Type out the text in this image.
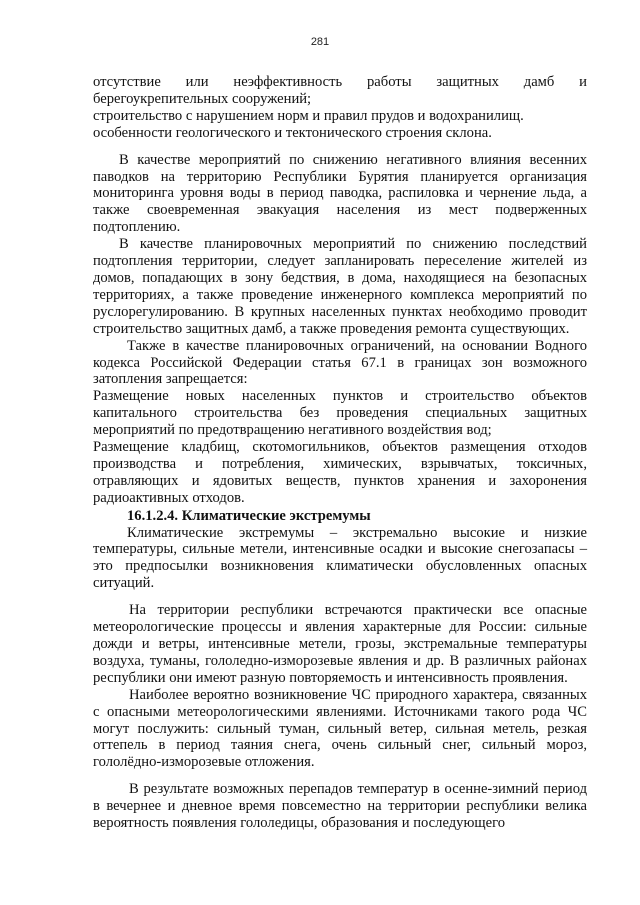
281

отсутствие или неэффективность работы защитных дамб и берегоукрепительных сооружений;

строительство с нарушением норм и правил прудов и водохранилищ.

особенности геологического и тектонического строения склона.

В качестве мероприятий по снижению негативного влияния весенних паводков на территорию Республики Бурятия планируется организация мониторинга уровня воды в период паводка, распиловка и чернение льда, а также своевременная эвакуация населения из мест подверженных подтоплению.

В качестве планировочных мероприятий по снижению последствий подтопления территории, следует запланировать переселение жителей из домов, попадающих в зону бедствия, в дома, находящиеся на безопасных территориях, а также проведение инженерного комплекса мероприятий по руслорегулированию. В крупных населенных пунктах необходимо проводит строительство защитных дамб, а также проведения ремонта существующих.

Также в качестве планировочных ограничений, на основании Водного кодекса Российской Федерации статья 67.1 в границах зон возможного затопления запрещается:

Размещение новых населенных пунктов и строительство объектов капитального строительства без проведения специальных защитных мероприятий по предотвращению негативного воздействия вод;

Размещение кладбищ, скотомогильников, объектов размещения отходов производства и потребления, химических, взрывчатых, токсичных, отравляющих и ядовитых веществ, пунктов хранения и захоронения радиоактивных отходов.

16.1.2.4. Климатические экстремумы

Климатические экстремумы – экстремально высокие и низкие температуры, сильные метели, интенсивные осадки и высокие снегозапасы – это предпосылки возникновения климатически обусловленных опасных ситуаций.

На территории республики встречаются практически все опасные метеорологические процессы и явления характерные для России: сильные дожди и ветры, интенсивные метели, грозы, экстремальные температуры воздуха, туманы, гололедно-изморозевые явления и др. В различных районах республики они имеют разную повторяемость и интенсивность проявления.

Наиболее вероятно возникновение ЧС природного характера, связанных с опасными метеорологическими явлениями. Источниками такого рода ЧС могут послужить: сильный туман, сильный ветер, сильная метель, резкая оттепель в период таяния снега, очень сильный снег, сильный мороз, гололёдно-изморозевые отложения.

В результате возможных перепадов температур в осенне-зимний период в вечернее и дневное время повсеместно на территории республики велика вероятность появления гололедицы, образования и последующего
